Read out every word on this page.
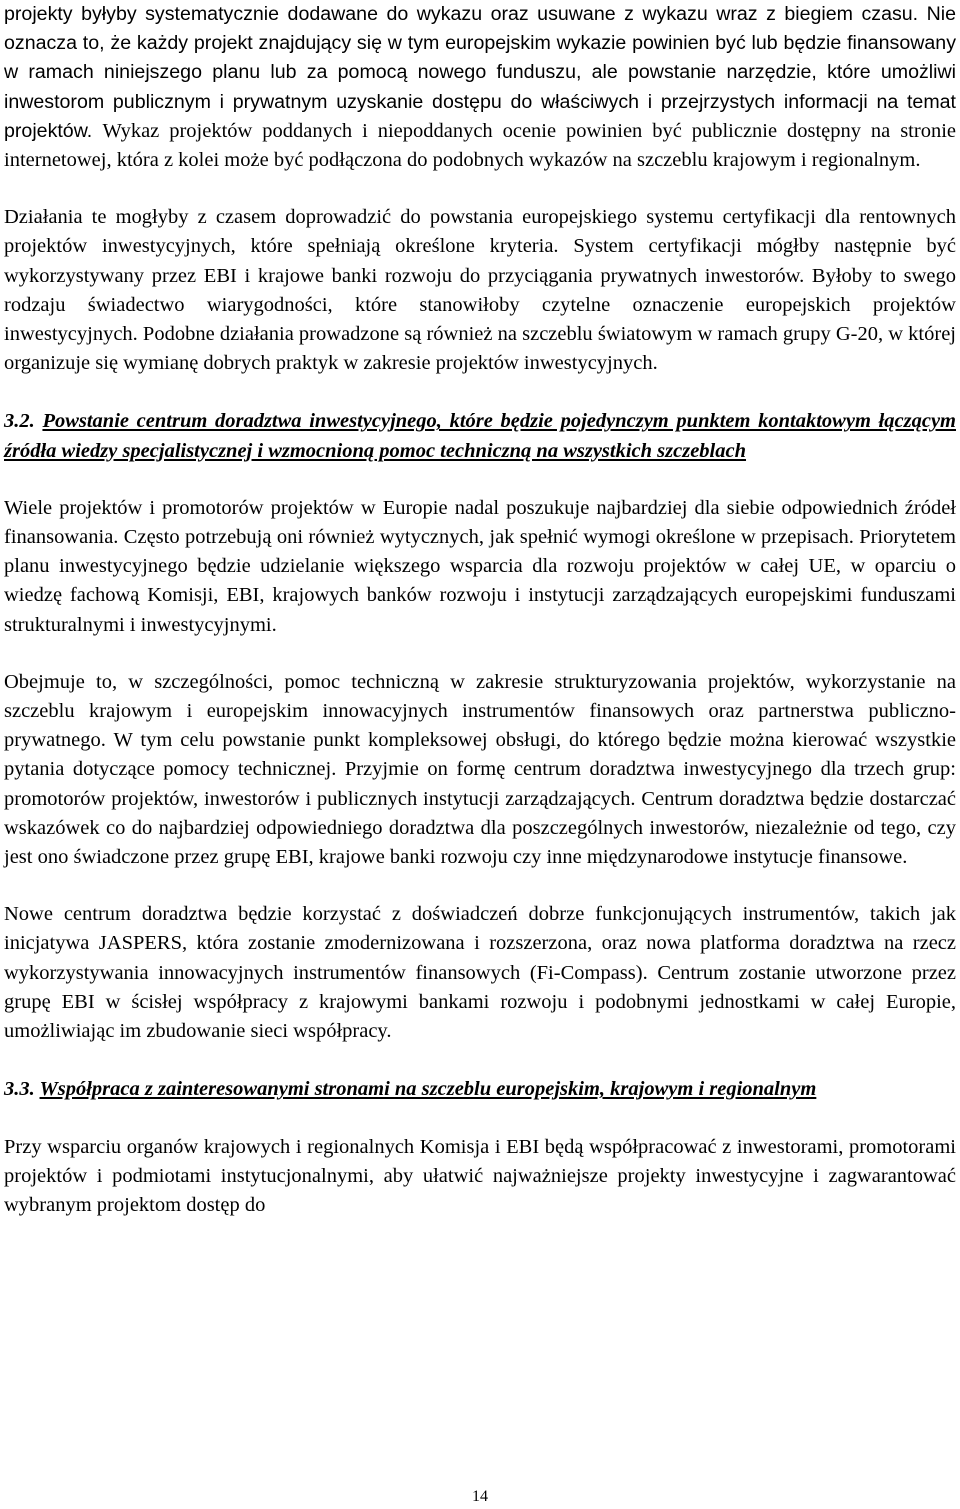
projekty byłyby systematycznie dodawane do wykazu oraz usuwane z wykazu wraz z biegiem czasu. Nie oznacza to, że każdy projekt znajdujący się w tym europejskim wykazie powinien być lub będzie finansowany w ramach niniejszego planu lub za pomocą nowego funduszu, ale powstanie narzędzie, które umożliwi inwestorom publicznym i prywatnym uzyskanie dostępu do właściwych i przejrzystych informacji na temat projektów. Wykaz projektów poddanych i niepoddanych ocenie powinien być publicznie dostępny na stronie internetowej, która z kolei może być podłączona do podobnych wykazów na szczeblu krajowym i regionalnym.

Działania te mogłyby z czasem doprowadzić do powstania europejskiego systemu certyfikacji dla rentownych projektów inwestycyjnych, które spełniają określone kryteria. System certyfikacji mógłby następnie być wykorzystywany przez EBI i krajowe banki rozwoju do przyciągania prywatnych inwestorów. Byłoby to swego rodzaju świadectwo wiarygodności, które stanowiłoby czytelne oznaczenie europejskich projektów inwestycyjnych. Podobne działania prowadzone są również na szczeblu światowym w ramach grupy G-20, w której organizuje się wymianę dobrych praktyk w zakresie projektów inwestycyjnych.

3.2. Powstanie centrum doradztwa inwestycyjnego, które będzie pojedynczym punktem kontaktowym łączącym źródła wiedzy specjalistycznej i wzmocnioną pomoc techniczną na wszystkich szczeblach

Wiele projektów i promotorów projektów w Europie nadal poszukuje najbardziej dla siebie odpowiednich źródeł finansowania. Często potrzebują oni również wytycznych, jak spełnić wymogi określone w przepisach. Priorytetem planu inwestycyjnego będzie udzielanie większego wsparcia dla rozwoju projektów w całej UE, w oparciu o wiedzę fachową Komisji, EBI, krajowych banków rozwoju i instytucji zarządzających europejskimi funduszami strukturalnymi i inwestycyjnymi.

Obejmuje to, w szczególności, pomoc techniczną w zakresie strukturyzowania projektów, wykorzystanie na szczeblu krajowym i europejskim innowacyjnych instrumentów finansowych oraz partnerstwa publiczno-prywatnego. W tym celu powstanie punkt kompleksowej obsługi, do którego będzie można kierować wszystkie pytania dotyczące pomocy technicznej. Przyjmie on formę centrum doradztwa inwestycyjnego dla trzech grup: promotorów projektów, inwestorów i publicznych instytucji zarządzających. Centrum doradztwa będzie dostarczać wskazówek co do najbardziej odpowiedniego doradztwa dla poszczególnych inwestorów, niezależnie od tego, czy jest ono świadczone przez grupę EBI, krajowe banki rozwoju czy inne międzynarodowe instytucje finansowe.

Nowe centrum doradztwa będzie korzystać z doświadczeń dobrze funkcjonujących instrumentów, takich jak inicjatywa JASPERS, która zostanie zmodernizowana i rozszerzona, oraz nowa platforma doradztwa na rzecz wykorzystywania innowacyjnych instrumentów finansowych (Fi-Compass). Centrum zostanie utworzone przez grupę EBI w ścisłej współpracy z krajowymi bankami rozwoju i podobnymi jednostkami w całej Europie, umożliwiając im zbudowanie sieci współpracy.

3.3. Współpraca z zainteresowanymi stronami na szczeblu europejskim, krajowym i regionalnym

Przy wsparciu organów krajowych i regionalnych Komisja i EBI będą współpracować z inwestorami, promotorami projektów i podmiotami instytucjonalnymi, aby ułatwić najważniejsze projekty inwestycyjne i zagwarantować wybranym projektom dostęp do

14
